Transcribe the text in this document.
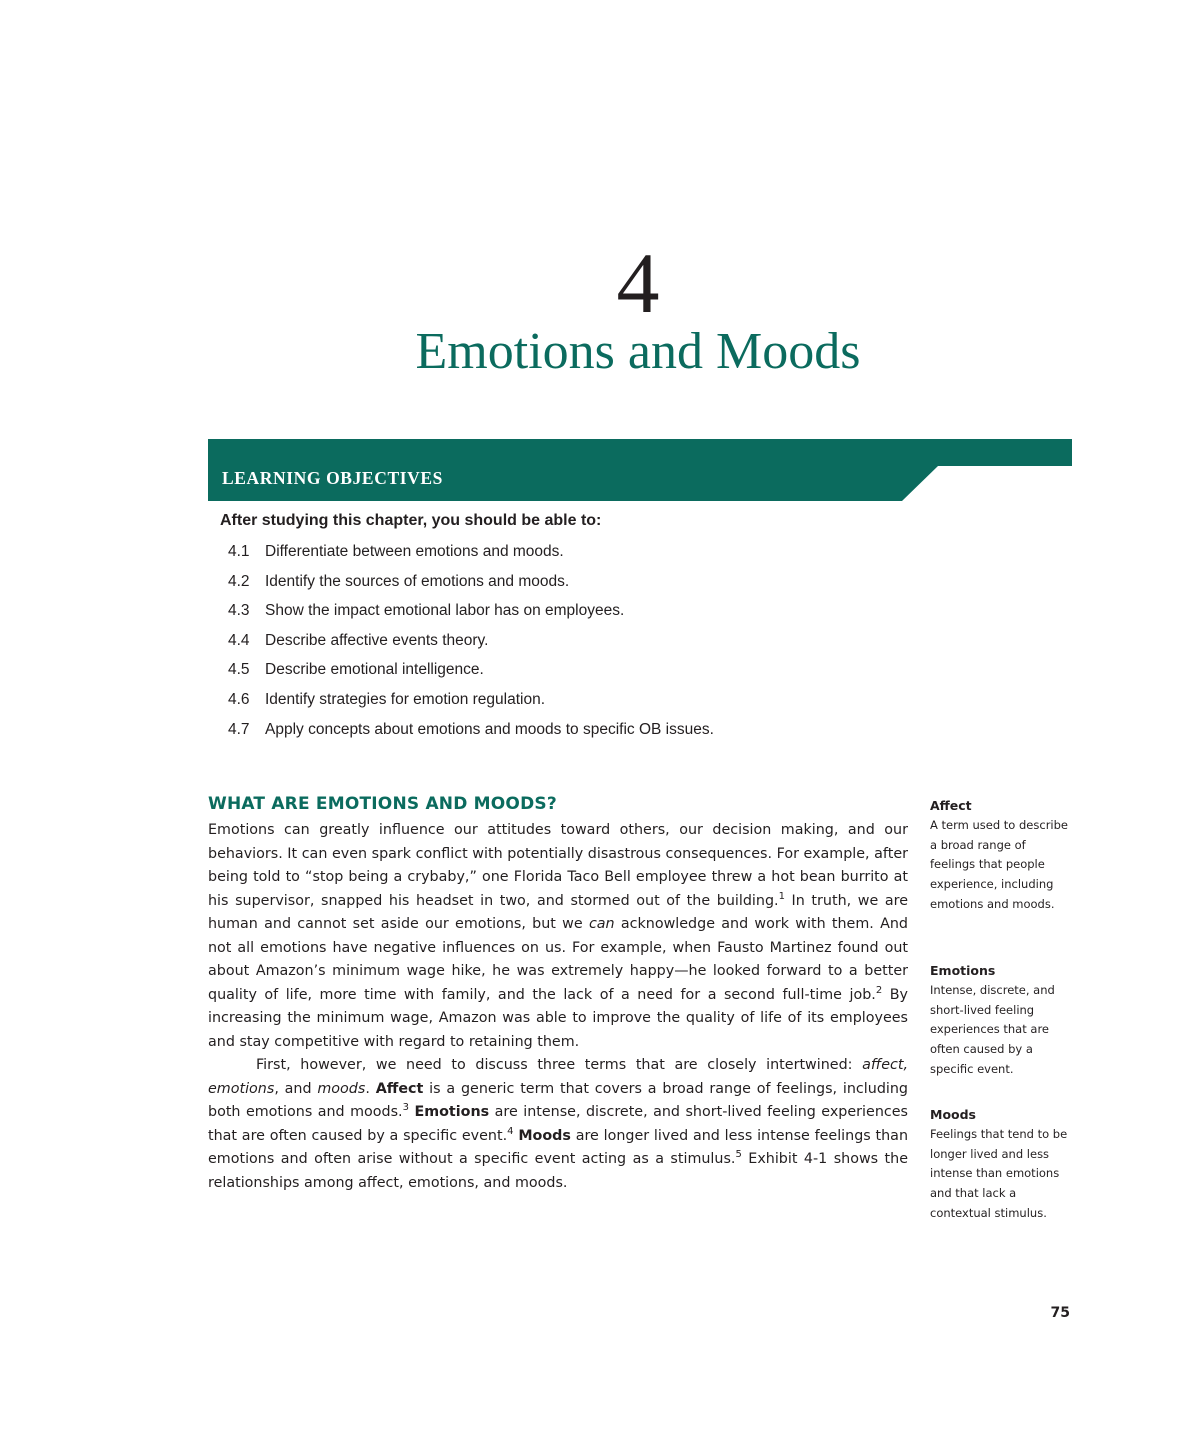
4
Emotions and Moods
LEARNING OBJECTIVES
After studying this chapter, you should be able to:
4.1 Differentiate between emotions and moods.
4.2 Identify the sources of emotions and moods.
4.3 Show the impact emotional labor has on employees.
4.4 Describe affective events theory.
4.5 Describe emotional intelligence.
4.6 Identify strategies for emotion regulation.
4.7 Apply concepts about emotions and moods to specific OB issues.
WHAT ARE EMOTIONS AND MOODS?

Emotions can greatly influence our attitudes toward others, our decision making, and our behaviors. It can even spark conflict with potentially disastrous consequences. For example, after being told to “stop being a crybaby,” one Florida Taco Bell employee threw a hot bean burrito at his supervisor, snapped his headset in two, and stormed out of the building.$^1$ In truth, we are human and cannot set aside our emotions, but we can acknowledge and work with them. And not all emotions have negative influences on us. For example, when Fausto Martinez found out about Amazon’s minimum wage hike, he was extremely happy—he looked forward to a better quality of life, more time with family, and the lack of a need for a second full-time job.$^2$ By increasing the minimum wage, Amazon was able to improve the quality of life of its employees and stay competitive with regard to retaining them.

First, however, we need to discuss three terms that are closely intertwined: affect, emotions, and moods. Affect is a generic term that covers a broad range of feelings, including both emotions and moods.$^3$ Emotions are intense, discrete, and short-lived feeling experiences that are often caused by a specific event.$^4$ Moods are longer lived and less intense feelings than emotions and often arise without a specific event acting as a stimulus.$^5$ Exhibit 4-1 shows the relationships among affect, emotions, and moods.

Affect
A term used to describe a broad range of feelings that people experience, including emotions and moods.
Emotions
Intense, discrete, and short-lived feeling experiences that are often caused by a specific event.
Moods
Feelings that tend to be longer lived and less intense than emotions and that lack a contextual stimulus.
75
